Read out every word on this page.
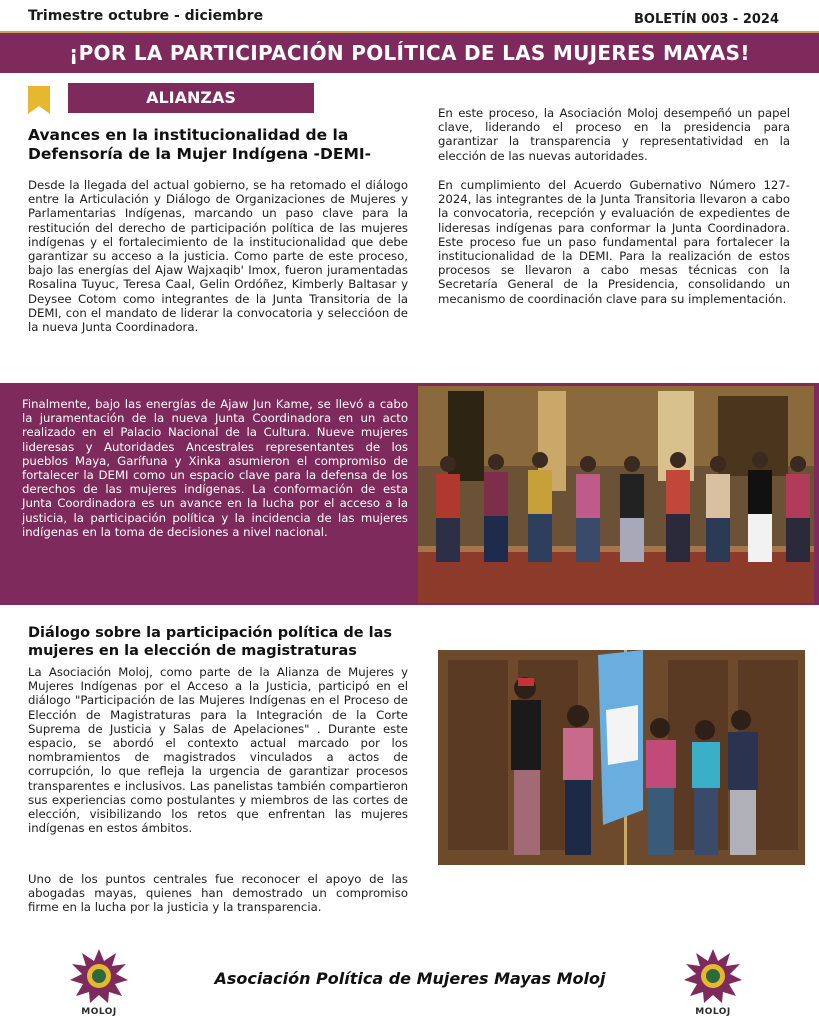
Trimestre octubre - diciembre	BOLETÍN 003 - 2024
¡POR LA PARTICIPACIÓN POLÍTICA DE LAS MUJERES MAYAS!
ALIANZAS
Avances en la institucionalidad de la Defensoría de la Mujer Indígena -DEMI-

Desde la llegada del actual gobierno, se ha retomado el diálogo entre la Articulación y Diálogo de Organizaciones de Mujeres y Parlamentarias Indígenas, marcando un paso clave para la restitución del derecho de participación política de las mujeres indígenas y el fortalecimiento de la institucionalidad que debe garantizar su acceso a la justicia. Como parte de este proceso, bajo las energías del Ajaw Wajxaqib' Imox, fueron juramentadas Rosalina Tuyuc, Teresa Caal, Gelin Ordóñez, Kimberly Baltasar y Deysee Cotom como integrantes de la Junta Transitoria de la DEMI, con el mandato de liderar la convocatoria y seleccióon de la nueva Junta Coordinadora.

En este proceso, la Asociación Moloj desempeñó un papel clave, liderando el proceso en la presidencia para garantizar la transparencia y representatividad en la elección de las nuevas autoridades.

En cumplimiento del Acuerdo Gubernativo Número 127-2024, las integrantes de la Junta Transitoria llevaron a cabo la convocatoria, recepción y evaluación de expedientes de lideresas indígenas para conformar la Junta Coordinadora. Este proceso fue un paso fundamental para fortalecer la institucionalidad de la DEMI. Para la realización de estos procesos se llevaron a cabo mesas técnicas con la Secretaría General de la Presidencia, consolidando un mecanismo de coordinación clave para su implementación.

Finalmente, bajo las energías de Ajaw Jun Kame, se llevó a cabo la juramentación de la nueva Junta Coordinadora en un acto realizado en el Palacio Nacional de la Cultura. Nueve mujeres lideresas y Autoridades Ancestrales representantes de los pueblos Maya, Garífuna y Xinka asumieron el compromiso de fortalecer la DEMI como un espacio clave para la defensa de los derechos de las mujeres indígenas. La conformación de esta Junta Coordinadora es un avance en la lucha por el acceso a la justicia, la participación política y la incidencia de las mujeres indígenas en la toma de decisiones a nivel nacional.

Diálogo sobre la participación política de las mujeres en la elección de magistraturas

La Asociación Moloj, como parte de la Alianza de Mujeres y Mujeres Indígenas por el Acceso a la Justicia, participó en el diálogo "Participación de las Mujeres Indígenas en el Proceso de Elección de Magistraturas para la Integración de la Corte Suprema de Justicia y Salas de Apelaciones" . Durante este espacio, se abordó el contexto actual marcado por los nombramientos de magistrados vinculados a actos de corrupción, lo que refleja la urgencia de garantizar procesos transparentes e inclusivos. Las panelistas también compartieron sus experiencias como postulantes y miembros de las cortes de elección, visibilizando los retos que enfrentan las mujeres indígenas en estos ámbitos.

Uno de los puntos centrales fue reconocer el apoyo de las abogadas mayas, quienes han demostrado un compromiso firme en la lucha por la justicia y la transparencia.

MOLOJ
Asociación Política de Mujeres Mayas Moloj
MOLOJ
